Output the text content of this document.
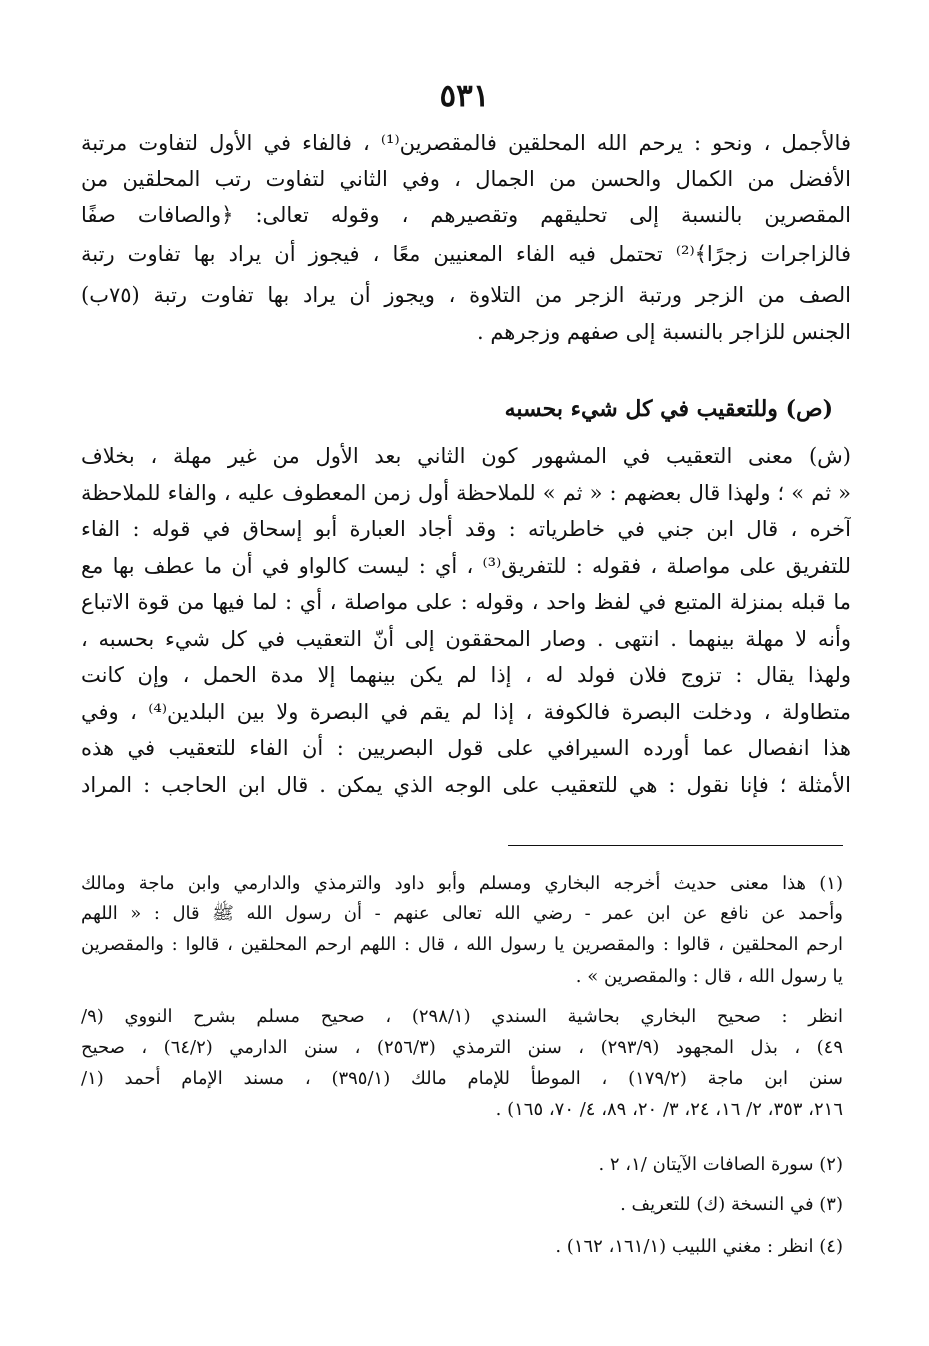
٥٣١
فالأجمل ، ونحو : يرحم الله المحلقين فالمقصرين⁽¹⁾ ، فالفاء في الأول لتفاوت مرتبة
الأفضل من الكمال والحسن من الجمال ، وفي الثاني لتفاوت رتب المحلقين من
المقصرين بالنسبة إلى تحليقهم وتقصيرهم ، وقوله تعالى: ﴿والصافات صفًا
فالزاجرات زجرًا﴾⁽²⁾ تحتمل فيه الفاء المعنيين معًا ، فيجوز أن يراد بها تفاوت رتبة
الصف من الزجر ورتبة الزجر من التلاوة ، ويجوز أن يراد بها تفاوت رتبة (٧٥ب)
الجنس للزاجر بالنسبة إلى صفهم وزجرهم .
(ص) وللتعقيب في كل شيء بحسبه
(ش) معنى التعقيب في المشهور كون الثاني بعد الأول من غير مهلة ، بخلاف
« ثم » ؛ ولهذا قال بعضهم : « ثم » للملاحظة أول زمن المعطوف عليه ، والفاء للملاحظة
آخره ، قال ابن جني في خاطرياته : وقد أجاد العبارة أبو إسحاق في قوله : الفاء
للتفريق على مواصلة ، فقوله : للتفريق⁽³⁾ ، أي : ليست كالواو في أن ما عطف بها مع
ما قبله بمنزلة المتبع في لفظ واحد ، وقوله : على مواصلة ، أي : لما فيها من قوة الاتباع
وأنه لا مهلة بينهما . انتهى . وصار المحققون إلى أنّ التعقيب في كل شيء بحسبه ،
ولهذا يقال : تزوج فلان فولد له ، إذا لم يكن بينهما إلا مدة الحمل ، وإن كانت
متطاولة ، ودخلت البصرة فالكوفة ، إذا لم يقم في البصرة ولا بين البلدين⁽⁴⁾ ، وفي
هذا انفصال عما أورده السيرافي على قول البصريين : أن الفاء للتعقيب في هذه
الأمثلة ؛ فإنا نقول : هي للتعقيب على الوجه الذي يمكن . قال ابن الحاجب : المراد
(١) هذا معنى حديث أخرجه البخاري ومسلم وأبو داود والترمذي والدارمي وابن ماجة ومالك
وأحمد عن نافع عن ابن عمر - رضي الله تعالى عنهم - أن رسول الله ﷺ قال : « اللهم
ارحم المحلقين ، قالوا : والمقصرين يا رسول الله ، قال : اللهم ارحم المحلقين ، قالوا : والمقصرين
يا رسول الله ، قال : والمقصرين » .
انظر : صحيح البخاري بحاشية السندي (٢٩٨/١) ، صحيح مسلم بشرح النووي (٩/
٤٩) ، بذل المجهود (٢٩٣/٩) ، سنن الترمذي (٢٥٦/٣) ، سنن الدارمي (٦٤/٢) ، صحيح
سنن ابن ماجة (١٧٩/٢) ، الموطأ للإمام مالك (٣٩٥/١) ، مسند الإمام أحمد (١/
٢١٦، ٣٥٣، ٢/ ١٦، ٢٤، ٣/ ٢٠، ٨٩، ٤/ ٧٠، ١٦٥) .
(٢) سورة الصافات الآيتان /١، ٢ .
(٣) في النسخة (ك) للتعريف .
(٤) انظر : مغني اللبيب (١٦١/١، ١٦٢) .
